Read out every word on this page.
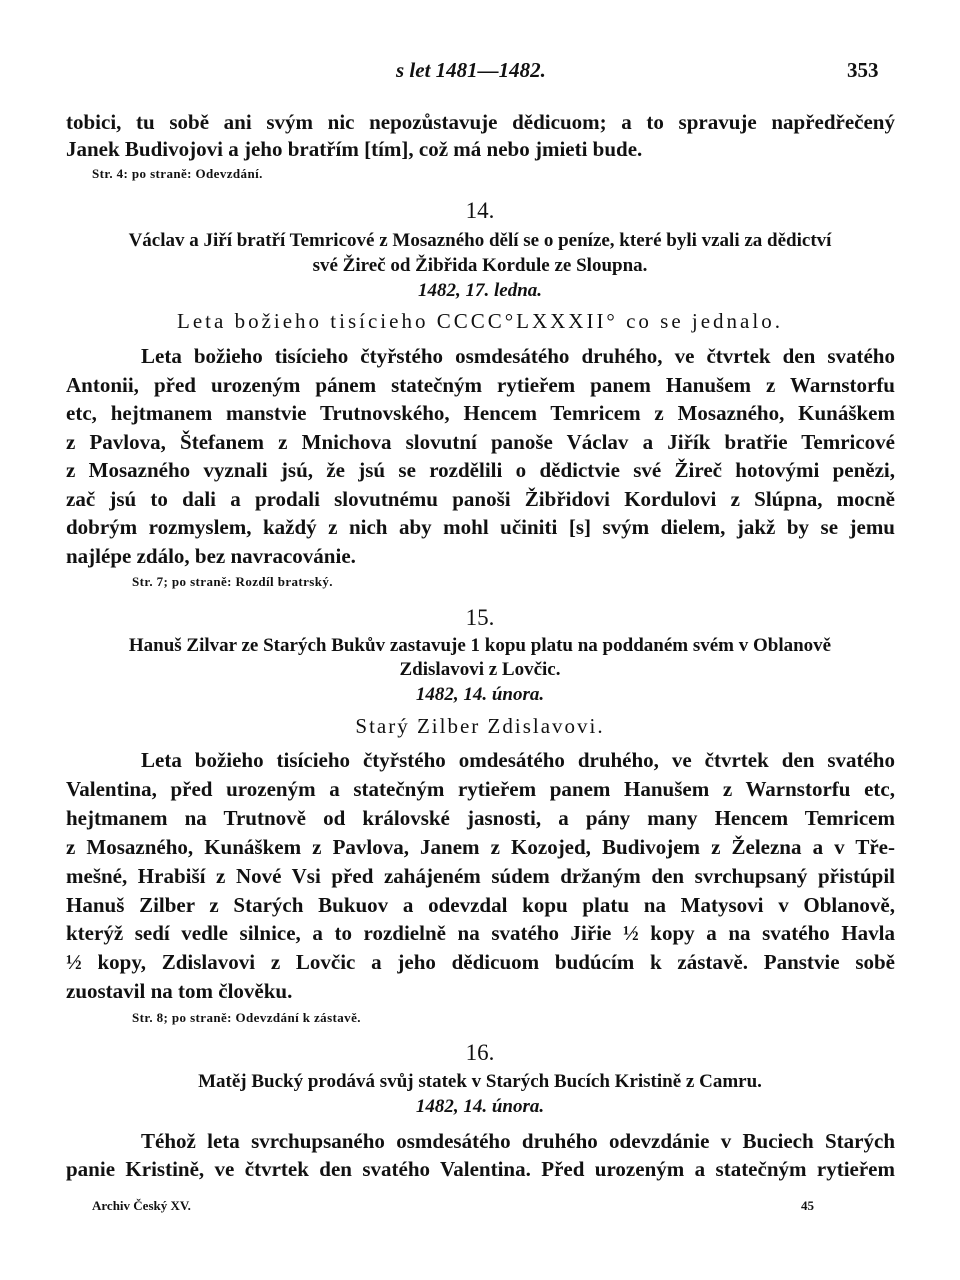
s let 1481—1482.	353
tobici, tu sobě ani svým nic nepozůstavuje dědicuom; a to spravuje napředřečený
Janek Budivojovi a jeho bratřím [tím], což má nebo jmieti bude.
Str. 4: po straně: Odevzdání.
14.
Václav a Jiří bratří Temricové z Mosazného dělí se o peníze, které byli vzali za dědictví
své Žireč od Žibřida Kordule ze Sloupna.
1482, 17. ledna.
Leta božieho tisícieho CCCC°LXXXII° co se jednalo.
Leta božieho tisícieho čtyřstého osmdesátého druhého, ve čtvrtek den svatého
Antonii, před urozeným pánem statečným rytieřem panem Hanušem z Warnstorfu
etc, hejtmanem manstvie Trutnovského, Hencem Temricem z Mosazného, Kunáškem
z Pavlova, Štefanem z Mnichova slovutní panoše Václav a Jiřík bratřie Temricové
z Mosazného vyznali jsú, že jsú se rozdělili o dědictvie své Žireč hotovými penězi,
zač jsú to dali a prodali slovutnému panoši Žibřidovi Kordulovi z Slúpna, mocně
dobrým rozmyslem, každý z nich aby mohl učiniti [s] svým dielem, jakž by se jemu
najlépe zdálo, bez navracovánie.
Str. 7; po straně: Rozdíl bratrský.
15.
Hanuš Zilvar ze Starých Bukův zastavuje 1 kopu platu na poddaném svém v Oblanově
Zdislavovi z Lovčic.
1482, 14. února.
Starý Zilber Zdislavovi.
Leta božieho tisícieho čtyřstého omdesátého druhého, ve čtvrtek den svatého
Valentina, před urozeným a statečným rytieřem panem Hanušem z Warnstorfu etc,
hejtmanem na Trutnově od královské jasnosti, a pány many Hencem Temricem
z Mosazného, Kunáškem z Pavlova, Janem z Kozojed, Budivojem z Železna a v Tře-
mešné, Hrabiší z Nové Vsi před zahájeném súdem držaným den svrchupsaný přistúpil
Hanuš Zilber z Starých Bukuov a odevzdal kopu platu na Matysovi v Oblanově,
kterýž sedí vedle silnice, a to rozdielně na svatého Jiřie ½ kopy a na svatého Havla
½ kopy, Zdislavovi z Lovčic a jeho dědicuom budúcím k zástavě. Panstvie sobě
zuostavil na tom člověku.
Str. 8; po straně: Odevzdání k zástavě.
16.
Matěj Bucký prodává svůj statek v Starých Bucích Kristině z Camru.
1482, 14. února.
Téhož leta svrchupsaného osmdesátého druhého odevzdánie v Buciech Starých
panie Kristině, ve čtvrtek den svatého Valentina. Před urozeným a statečným rytieřem
Archiv Český XV.	45
